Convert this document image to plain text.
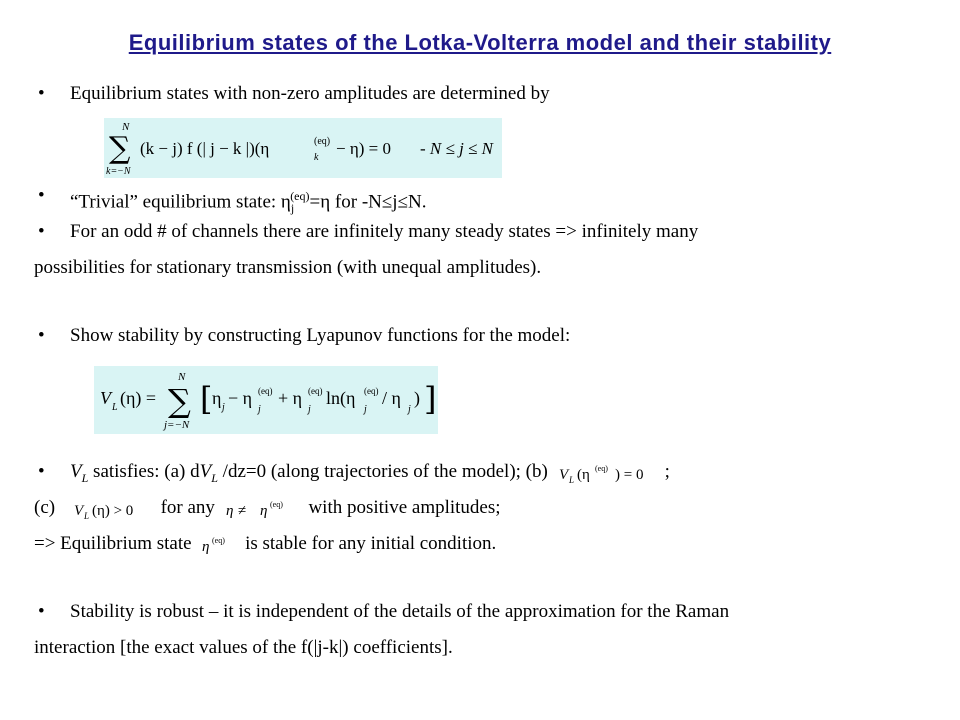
Equilibrium states of the Lotka-Volterra model and their stability
• Equilibrium states with non-zero amplitudes are determined by
N
∑
k=−N
(k − j) f (| j − k |)(η	(eq)
k − η) = 0 - N ≤ j ≤ N
• “Trivial” equilibrium state: $\eta_j^{(eq)}=\eta$ for -N≤j≤N.
• For an odd # of channels there are infinitely many steady states => infinitely many
possibilities for stationary transmission (with unequal amplitudes).
• Show stability by constructing Lyapunov functions for the model:
V L (η) =
N
∑
j=−N
[ η j − η (eq)
j
+ η (eq)
j
ln(η (eq)
j
/ η
j
) ]
• $V_L$ satisfies: (a) $dV_L$ /dz=0 (along trajectories of the model); (b) V L (η (eq) ) = 0 ;
(c) V L (η) > 0 for any η ≠ η (eq) with positive amplitudes;
=> Equilibrium state η (eq) is stable for any initial condition.
• Stability is robust – it is independent of the details of the approximation for the Raman
interaction [the exact values of the f(|j-k|) coefficients].
